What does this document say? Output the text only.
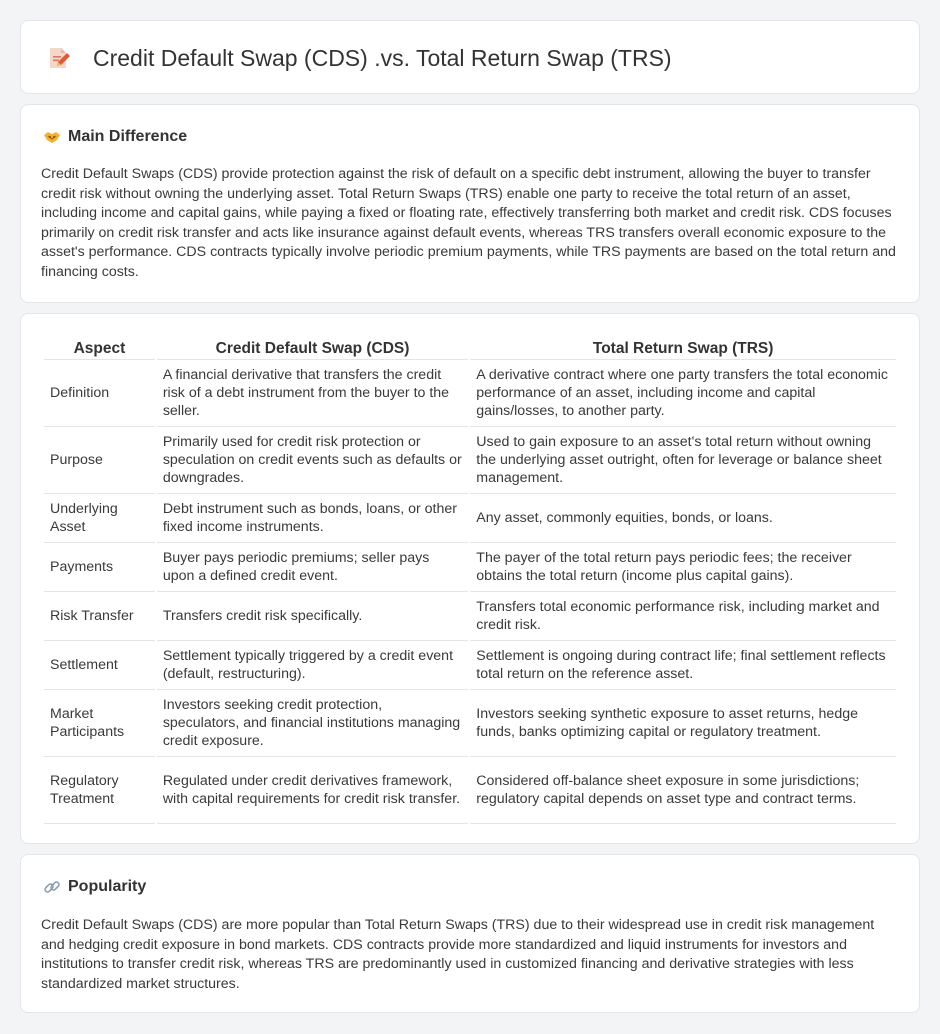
Credit Default Swap (CDS) .vs. Total Return Swap (TRS)
Main Difference

Credit Default Swaps (CDS) provide protection against the risk of default on a specific debt instrument, allowing the buyer to transfer credit risk without owning the underlying asset. Total Return Swaps (TRS) enable one party to receive the total return of an asset, including income and capital gains, while paying a fixed or floating rate, effectively transferring both market and credit risk. CDS focuses primarily on credit risk transfer and acts like insurance against default events, whereas TRS transfers overall economic exposure to the asset's performance. CDS contracts typically involve periodic premium payments, while TRS payments are based on the total return and financing costs.

Aspect	Credit Default Swap (CDS)	Total Return Swap (TRS)
Definition	A financial derivative that transfers the credit risk of a debt instrument from the buyer to the seller.	A derivative contract where one party transfers the total economic performance of an asset, including income and capital gains/losses, to another party.
Purpose	Primarily used for credit risk protection or speculation on credit events such as defaults or downgrades.	Used to gain exposure to an asset's total return without owning the underlying asset outright, often for leverage or balance sheet management.
Underlying Asset	Debt instrument such as bonds, loans, or other fixed income instruments.	Any asset, commonly equities, bonds, or loans.
Payments	Buyer pays periodic premiums; seller pays upon a defined credit event.	The payer of the total return pays periodic fees; the receiver obtains the total return (income plus capital gains).
Risk Transfer	Transfers credit risk specifically.	Transfers total economic performance risk, including market and credit risk.
Settlement	Settlement typically triggered by a credit event (default, restructuring).	Settlement is ongoing during contract life; final settlement reflects total return on the reference asset.
Market Participants	Investors seeking credit protection, speculators, and financial institutions managing credit exposure.	Investors seeking synthetic exposure to asset returns, hedge funds, banks optimizing capital or regulatory treatment.
Regulatory Treatment	Regulated under credit derivatives framework, with capital requirements for credit risk transfer.	Considered off-balance sheet exposure in some jurisdictions; regulatory capital depends on asset type and contract terms.
Popularity

Credit Default Swaps (CDS) are more popular than Total Return Swaps (TRS) due to their widespread use in credit risk management and hedging credit exposure in bond markets. CDS contracts provide more standardized and liquid instruments for investors and institutions to transfer credit risk, whereas TRS are predominantly used in customized financing and derivative strategies with less standardized market structures.
